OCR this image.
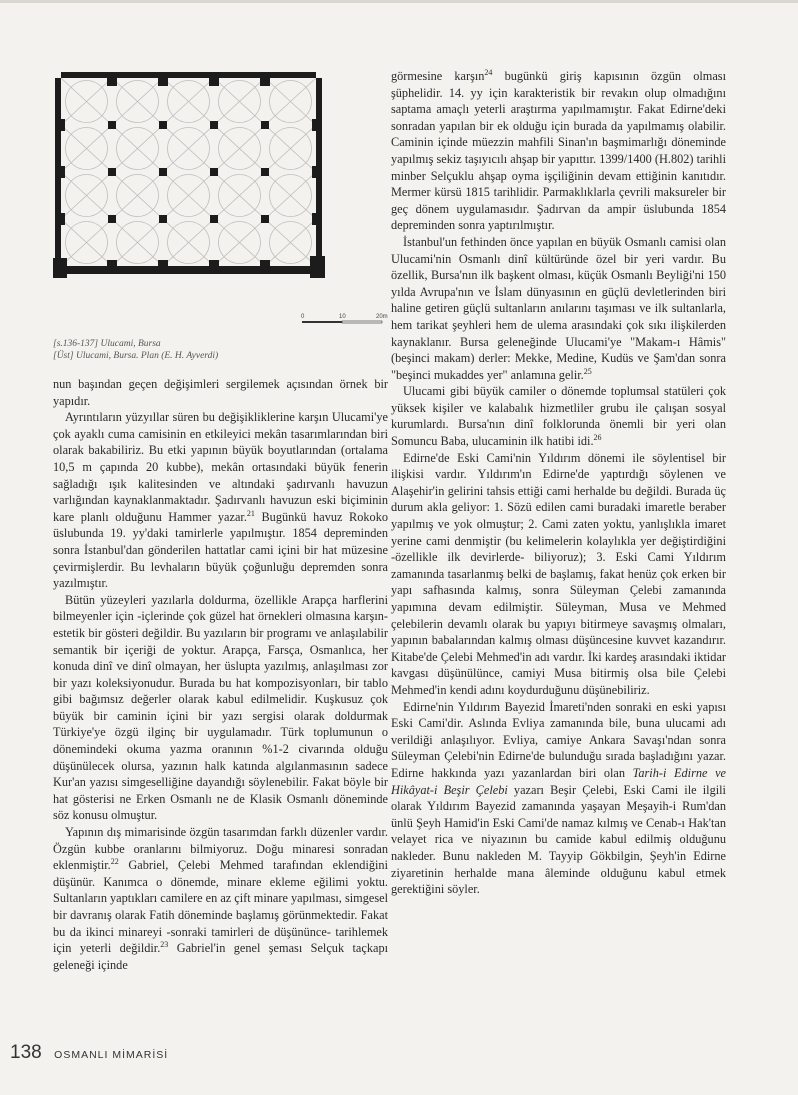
0	10	20m
[s.136-137] Ulucami, Bursa
[Üst] Ulucami, Bursa. Plan (E. H. Ayverdi)

nun başından geçen değişimleri sergilemek açısından örnek bir yapıdır.

Ayrıntıların yüzyıllar süren bu değişikliklerine karşın Ulucami'ye çok ayaklı cuma camisinin en etkileyici mekân tasarımlarından biri olarak bakabiliriz. Bu etki yapının büyük boyutlarından (ortalama 10,5 m çapında 20 kubbe), mekân ortasındaki büyük fenerin sağladığı ışık kalitesinden ve altındaki şadırvanlı havuzun varlığından kaynaklanmaktadır. Şadırvanlı havuzun eski biçiminin kare planlı olduğunu Hammer yazar.$^{21}$ Bugünkü havuz Rokoko üslubunda 19. yy'daki tamirlerle yapılmıştır. 1854 depreminden sonra İstanbul'dan gönderilen hattatlar cami içini bir hat müzesine çevirmişlerdir. Bu levhaların büyük çoğunluğu depremden sonra yazılmıştır.

Bütün yüzeyleri yazılarla doldurma, özellikle Arapça harflerini bilmeyenler için -içlerinde çok güzel hat örnekleri olmasına karşın- estetik bir gösteri değildir. Bu yazıların bir programı ve anlaşılabilir semantik bir içeriği de yoktur. Arapça, Farsça, Osmanlıca, her konuda dinî ve dinî olmayan, her üslupta yazılmış, anlaşılması zor bir yazı koleksiyonudur. Burada bu hat kompozisyonları, bir tablo gibi bağımsız değerler olarak kabul edilmelidir. Kuşkusuz çok büyük bir caminin içini bir yazı sergisi olarak doldurmak Türkiye'ye özgü ilginç bir uygulamadır. Türk toplumunun o dönemindeki okuma yazma oranının %1-2 civarında olduğu düşünülecek olursa, yazının halk katında algılanmasının sadece Kur'an yazısı simgeselliğine dayandığı söylenebilir. Fakat böyle bir hat gösterisi ne Erken Osmanlı ne de Klasik Osmanlı döneminde söz konusu olmuştur.

Yapının dış mimarisinde özgün tasarımdan farklı düzenler vardır. Özgün kubbe oranlarını bilmiyoruz. Doğu minaresi sonradan eklenmiştir.$^{22}$ Gabriel, Çelebi Mehmed tarafından eklendiğini düşünür. Kanımca o dönemde, minare ekleme eğilimi yoktu. Sultanların yaptıkları camilere en az çift minare yapılması, simgesel bir davranış olarak Fatih döneminde başlamış görünmektedir. Fakat bu da ikinci minareyi -sonraki tamirleri de düşününce- tarihlemek için yeterli değildir.$^{23}$ Gabriel'in genel şeması Selçuk taçkapı geleneği içinde

görmesine karşın$^{24}$ bugünkü giriş kapısının özgün olması şüphelidir. 14. yy için karakteristik bir revakın olup olmadığını saptama amaçlı yeterli araştırma yapılmamıştır. Fakat Edirne'deki sonradan yapılan bir ek olduğu için burada da yapılmamış olabilir. Caminin içinde müezzin mahfili Sinan'ın başmimarlığı döneminde yapılmış sekiz taşıyıcılı ahşap bir yapıttır. 1399/1400 (H.802) tarihli minber Selçuklu ahşap oyma işçiliğinin devam ettiğinin kanıtıdır. Mermer kürsü 1815 tarihlidir. Parmaklıklarla çevrili maksureler bir geç dönem uygulamasıdır. Şadırvan da ampir üslubunda 1854 depreminden sonra yaptırılmıştır.

İstanbul'un fethinden önce yapılan en büyük Osmanlı camisi olan Ulucami'nin Osmanlı dinî kültüründe özel bir yeri vardır. Bu özellik, Bursa'nın ilk başkent olması, küçük Osmanlı Beyliği'ni 150 yılda Avrupa'nın ve İslam dünyasının en güçlü devletlerinden biri haline getiren güçlü sultanların anılarını taşıması ve ilk sultanlarla, hem tarikat şeyhleri hem de ulema arasındaki çok sıkı ilişkilerden kaynaklanır. Bursa geleneğinde Ulucami'ye "Makam-ı Hâmis" (beşinci makam) derler: Mekke, Medine, Kudüs ve Şam'dan sonra "beşinci mukaddes yer" anlamına gelir.$^{25}$

Ulucami gibi büyük camiler o dönemde toplumsal statüleri çok yüksek kişiler ve kalabalık hizmetliler grubu ile çalışan sosyal kurumlardı. Bursa'nın dinî folklorunda önemli bir yeri olan Somuncu Baba, ulucaminin ilk hatibi idi.$^{26}$

Edirne'de Eski Cami'nin Yıldırım dönemi ile söylentisel bir ilişkisi vardır. Yıldırım'ın Edirne'de yaptırdığı söylenen ve Alaşehir'in gelirini tahsis ettiği cami herhalde bu değildi. Burada üç durum akla geliyor: 1. Sözü edilen cami buradaki imaretle beraber yapılmış ve yok olmuştur; 2. Cami zaten yoktu, yanlışlıkla imaret yerine cami denmiştir (bu kelimelerin kolaylıkla yer değiştirdiğini -özellikle ilk devirlerde- biliyoruz); 3. Eski Cami Yıldırım zamanında tasarlanmış belki de başlamış, fakat henüz çok erken bir yapı safhasında kalmış, sonra Süleyman Çelebi zamanında yapımına devam edilmiştir. Süleyman, Musa ve Mehmed çelebilerin devamlı olarak bu yapıyı bitirmeye savaşmış olmaları, yapının babalarından kalmış olması düşüncesine kuvvet kazandırır. Kitabe'de Çelebi Mehmed'in adı vardır. İki kardeş arasındaki iktidar kavgası düşünülünce, camiyi Musa bitirmiş olsa bile Çelebi Mehmed'in kendi adını koydurduğunu düşünebiliriz.

Edirne'nin Yıldırım Bayezid İmareti'nden sonraki en eski yapısı Eski Cami'dir. Aslında Evliya zamanında bile, buna ulucami adı verildiği anlaşılıyor. Evliya, camiye Ankara Savaşı'ndan sonra Süleyman Çelebi'nin Edirne'de bulunduğu sırada başladığını yazar. Edirne hakkında yazı yazanlardan biri olan Tarih-i Edirne ve Hikâyat-i Beşir Çelebi yazarı Beşir Çelebi, Eski Cami ile ilgili olarak Yıldırım Bayezid zamanında yaşayan Meşayih-i Rum'dan ünlü Şeyh Hamid'in Eski Cami'de namaz kılmış ve Cenab-ı Hak'tan velayet rica ve niyazının bu camide kabul edilmiş olduğunu nakleder. Bunu nakleden M. Tayyip Gökbilgin, Şeyh'in Edirne ziyaretinin herhalde mana âleminde olduğunu kabul etmek gerektiğini söyler.

138 OSMANLI MİMARİSİ
